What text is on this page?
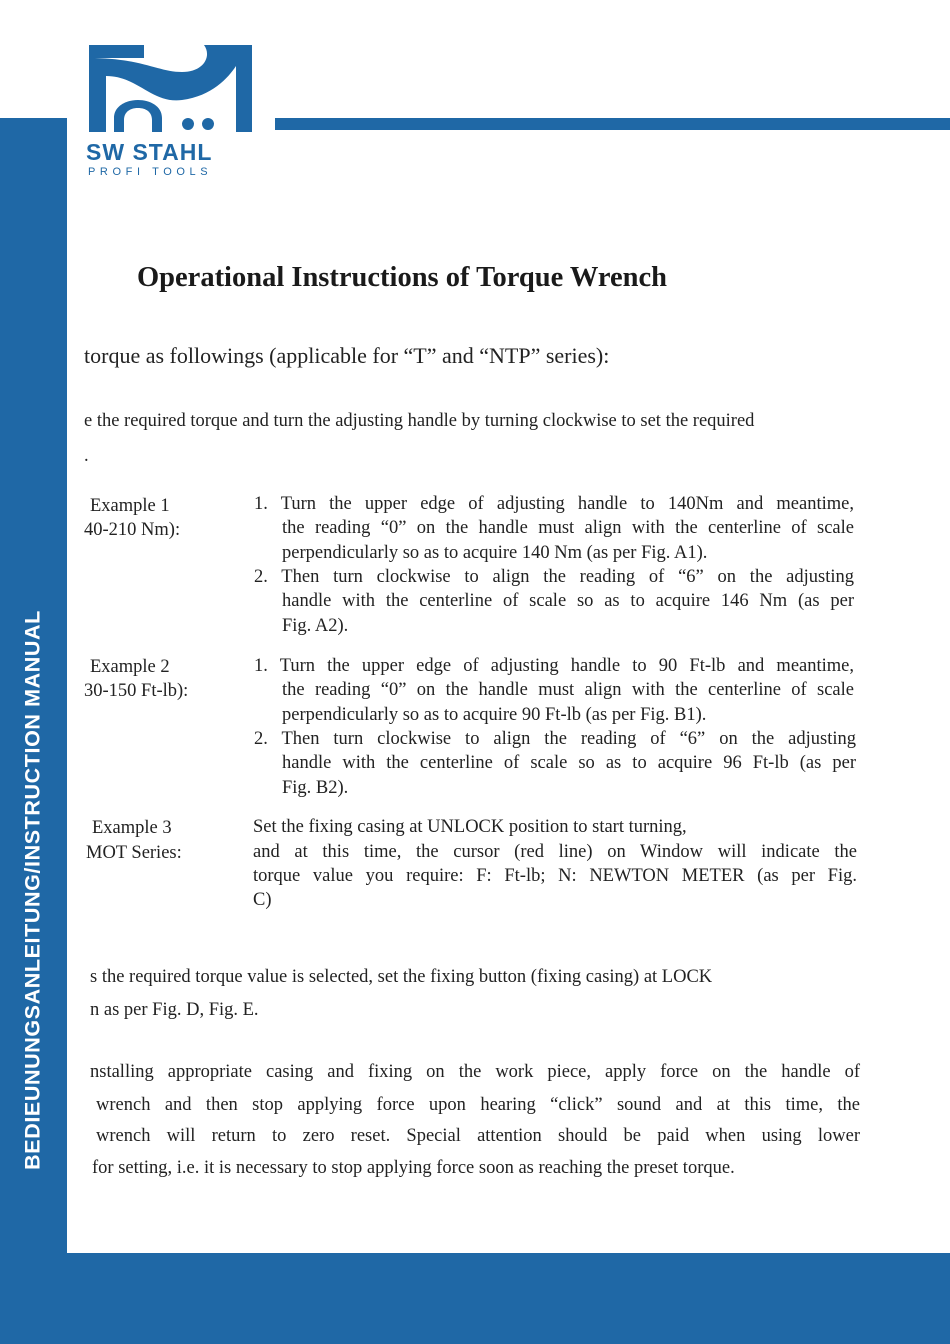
BEDIEUNUNGSANLEITUNG/INSTRUCTION MANUAL
SW STAHL
PROFI TOOLS
Operational Instructions of Torque Wrench
torque as followings (applicable for “T” and “NTP” series):
e the required torque and turn the adjusting handle by turning clockwise to set the required
.
Example 1
40-210 Nm):
1. Turn the upper edge of adjusting handle to 140Nm and meantime,
the reading “0” on the handle must align with the centerline of scale
perpendicularly so as to acquire 140 Nm (as per Fig. A1).
2. Then turn clockwise to align the reading of “6” on the adjusting
handle with the centerline of scale so as to acquire 146 Nm (as per
Fig. A2).
Example 2
30-150 Ft-lb):
1. Turn the upper edge of adjusting handle to 90 Ft-lb and meantime,
the reading “0” on the handle must align with the centerline of scale
perpendicularly so as to acquire 90 Ft-lb (as per Fig. B1).
2. Then turn clockwise to align the reading of “6” on the adjusting
handle with the centerline of scale so as to acquire 96 Ft-lb (as per
Fig. B2).
Example 3
MOT Series:
Set the fixing casing at UNLOCK position to start turning,
and at this time, the cursor (red line) on Window will indicate the
torque value you require: F: Ft-lb; N: NEWTON METER (as per Fig.
C)
s the required torque value is selected, set the fixing button (fixing casing) at LOCK
n as per Fig. D, Fig. E.
nstalling appropriate casing and fixing on the work piece, apply force on the handle of
wrench and then stop applying force upon hearing “click” sound and at this time, the
wrench will return to zero reset. Special attention should be paid when using lower
for setting, i.e. it is necessary to stop applying force soon as reaching the preset torque.
